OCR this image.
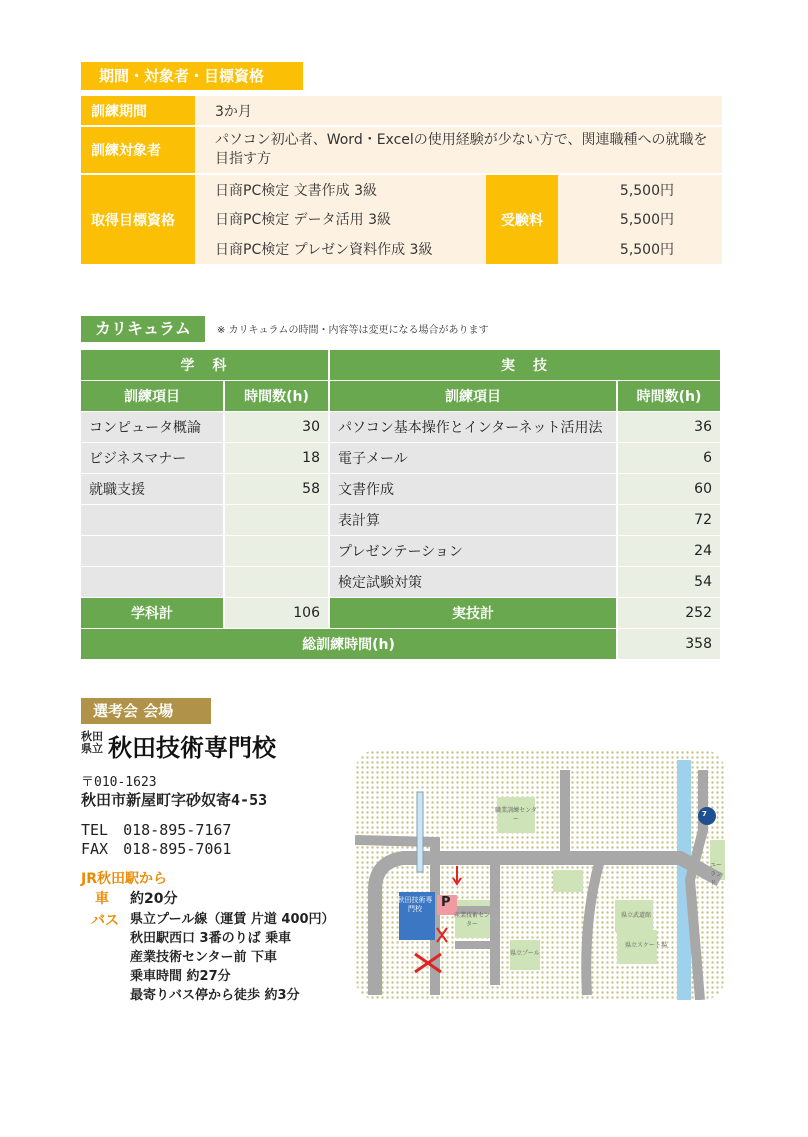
期間・対象者・目標資格
訓練期間	3か月		
訓練対象者	パソコン初心者、Word・Excelの使用経験が少ない方で、関連職種への就職を目指す方		
取得目標資格	日商PC検定 文書作成 3級	受験料	5,500円
	日商PC検定 データ活用 3級		5,500円
	日商PC検定 プレゼン資料作成 3級		5,500円
カリキュラム	※ カリキュラムの時間・内容等は変更になる場合があります
学　科		実　技	
訓練項目	時間数(h)	訓練項目	時間数(h)
コンピュータ概論	30	パソコン基本操作とインターネット活用法	36
ビジネスマナー	18	電子メール	6
就職支援	58	文書作成	60
		表計算	72
		プレゼンテーション	24
		検定試験対策	54
学科計	106	実技計	252
総訓練時間(h)			358
選考会 会場
秋田
県立 秋田技術専門校
〒010-1623
秋田市新屋町字砂奴寄4-53
TEL　018-895-7167
FAX　018-895-7061
JR秋田駅から
車 約20分
バス 県立プール線（運賃 片道 400円）
秋田駅西口 3番のりば 乗車
産業技術センター前 下車
乗車時間 約27分
最寄りバス停から徒歩 約3分
秋田技術専門校	P
職業訓練センター
産業技術センター
県立プール
ユーランド
県立武道館
県立スケート場
7
